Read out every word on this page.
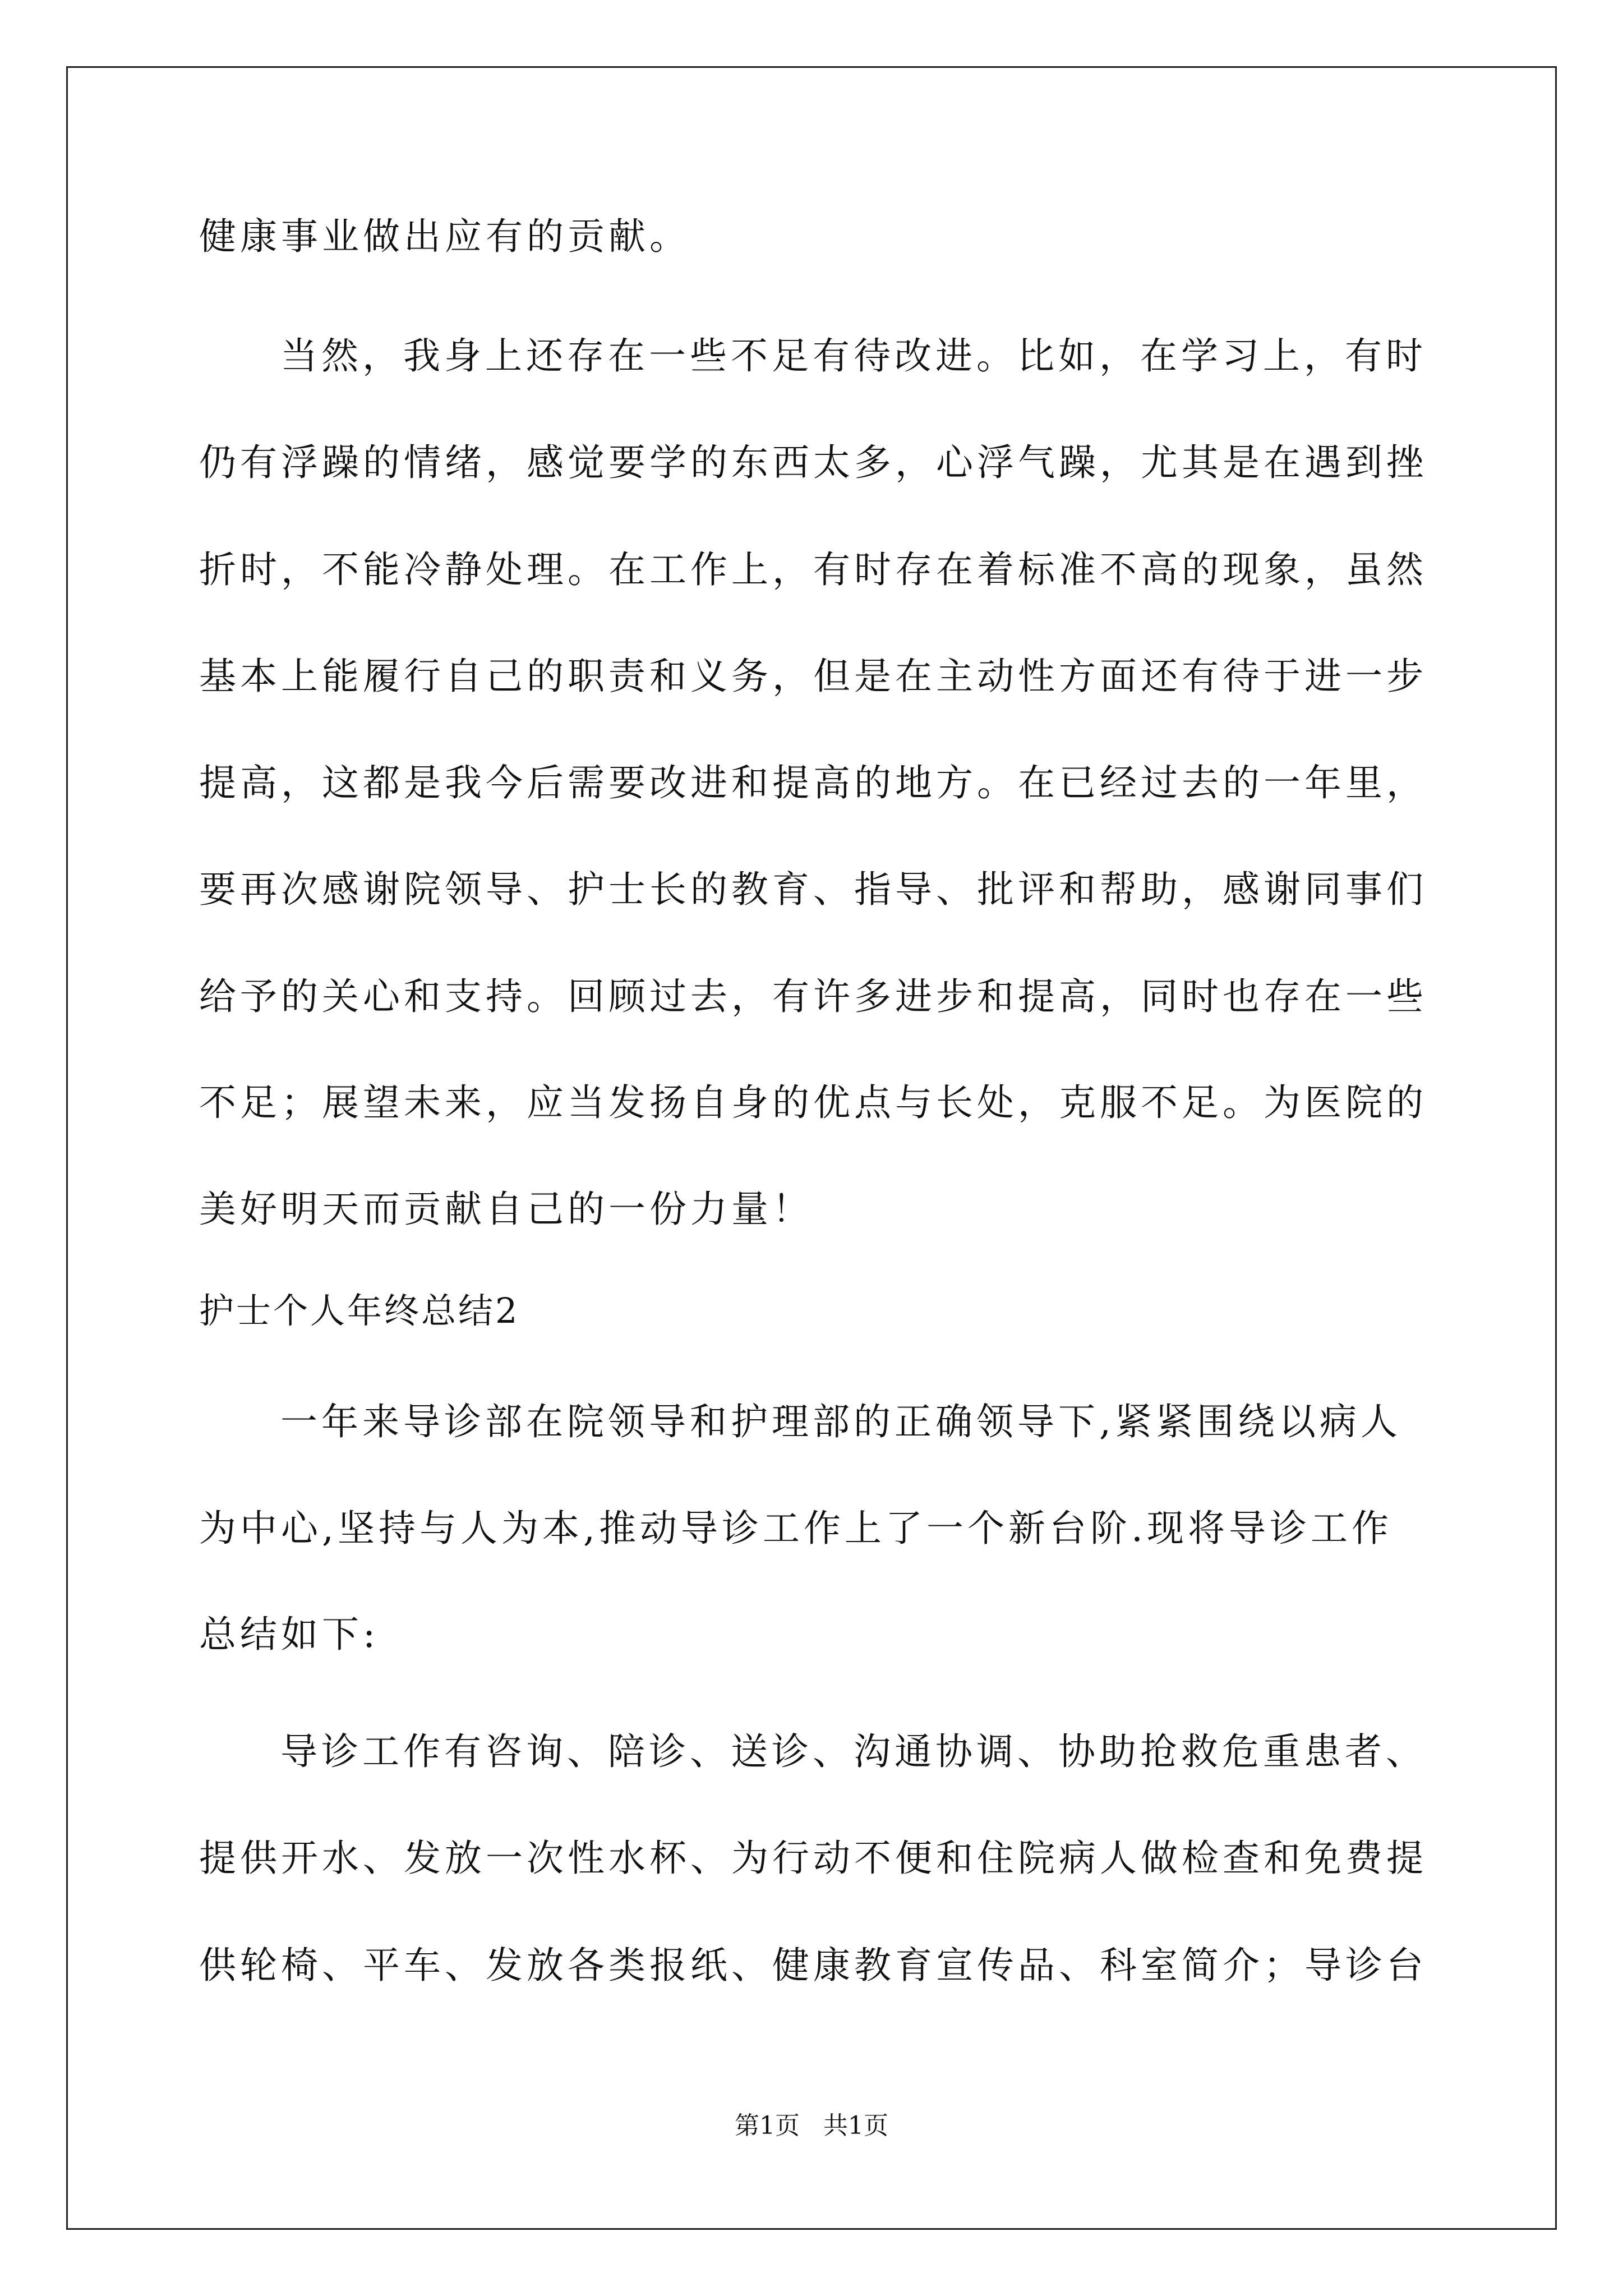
健康事业做出应有的贡献。
当然，我身上还存在一些不足有待改进。比如，在学习上，有时
仍有浮躁的情绪，感觉要学的东西太多，心浮气躁，尤其是在遇到挫
折时，不能冷静处理。在工作上，有时存在着标准不高的现象，虽然
基本上能履行自己的职责和义务，但是在主动性方面还有待于进一步
提高，这都是我今后需要改进和提高的地方。在已经过去的一年里，
要再次感谢院领导、护士长的教育、指导、批评和帮助，感谢同事们
给予的关心和支持。回顾过去，有许多进步和提高，同时也存在一些
不足；展望未来，应当发扬自身的优点与长处，克服不足。为医院的
美好明天而贡献自己的一份力量！
护士个人年终总结2
一年来导诊部在院领导和护理部的正确领导下,紧紧围绕以病人
为中心,坚持与人为本,推动导诊工作上了一个新台阶.现将导诊工作
总结如下:
导诊工作有咨询、陪诊、送诊、沟通协调、协助抢救危重患者、
提供开水、发放一次性水杯、为行动不便和住院病人做检查和免费提
供轮椅、平车、发放各类报纸、健康教育宣传品、科室简介；导诊台
第1页   共1页
